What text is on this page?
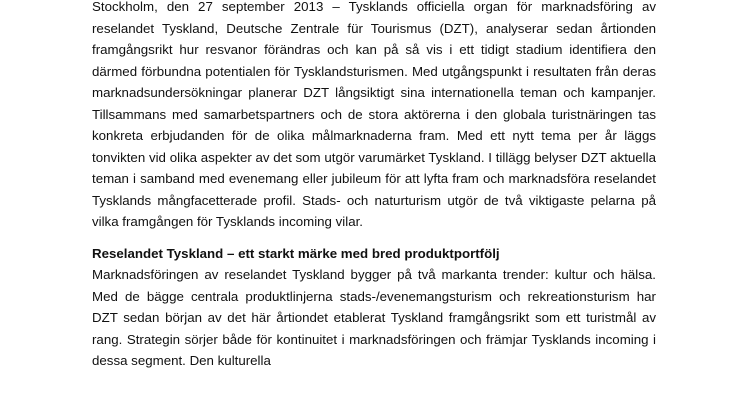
Stockholm, den 27 september 2013 – Tysklands officiella organ för marknadsföring av reselandet Tyskland, Deutsche Zentrale für Tourismus (DZT), analyserar sedan årtionden framgångsrikt hur resvanor förändras och kan på så vis i ett tidigt stadium identifiera den därmed förbundna potentialen för Tysklandsturismen. Med utgångspunkt i resultaten från deras marknadsundersökningar planerar DZT långsiktigt sina internationella teman och kampanjer. Tillsammans med samarbetspartners och de stora aktörerna i den globala turistnäringen tas konkreta erbjudanden för de olika målmarknaderna fram. Med ett nytt tema per år läggs tonvikten vid olika aspekter av det som utgör varumärket Tyskland. I tillägg belyser DZT aktuella teman i samband med evenemang eller jubileum för att lyfta fram och marknadsföra reselandet Tysklands mångfacetterade profil. Stads- och naturturism utgör de två viktigaste pelarna på vilka framgången för Tysklands incoming vilar.

Reselandet Tyskland – ett starkt märke med bred produktportfölj

Marknadsföringen av reselandet Tyskland bygger på två markanta trender: kultur och hälsa. Med de bägge centrala produktlinjerna stads-/evenemangsturism och rekreationsturism har DZT sedan början av det här årtiondet etablerat Tyskland framgångsrikt som ett turistmål av rang. Strategin sörjer både för kontinuitet i marknadsföringen och främjar Tysklands incoming i dessa segment. Den kulturella
